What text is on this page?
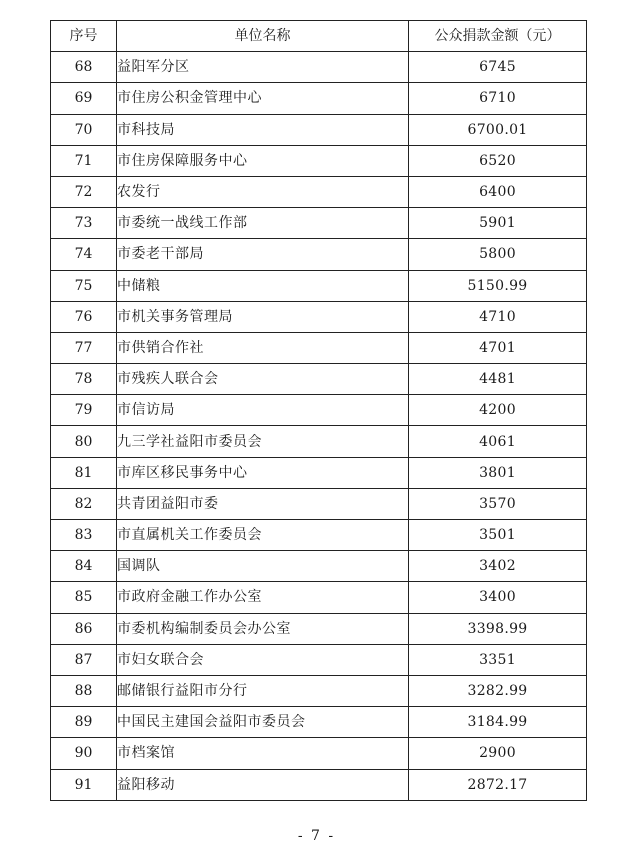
序号	单位名称	公众捐款金额（元）
68	益阳军分区	6745
69	市住房公积金管理中心	6710
70	市科技局	6700.01
71	市住房保障服务中心	6520
72	农发行	6400
73	市委统一战线工作部	5901
74	市委老干部局	5800
75	中储粮	5150.99
76	市机关事务管理局	4710
77	市供销合作社	4701
78	市残疾人联合会	4481
79	市信访局	4200
80	九三学社益阳市委员会	4061
81	市库区移民事务中心	3801
82	共青团益阳市委	3570
83	市直属机关工作委员会	3501
84	国调队	3402
85	市政府金融工作办公室	3400
86	市委机构编制委员会办公室	3398.99
87	市妇女联合会	3351
88	邮储银行益阳市分行	3282.99
89	中国民主建国会益阳市委员会	3184.99
90	市档案馆	2900
91	益阳移动	2872.17
- 7 -
